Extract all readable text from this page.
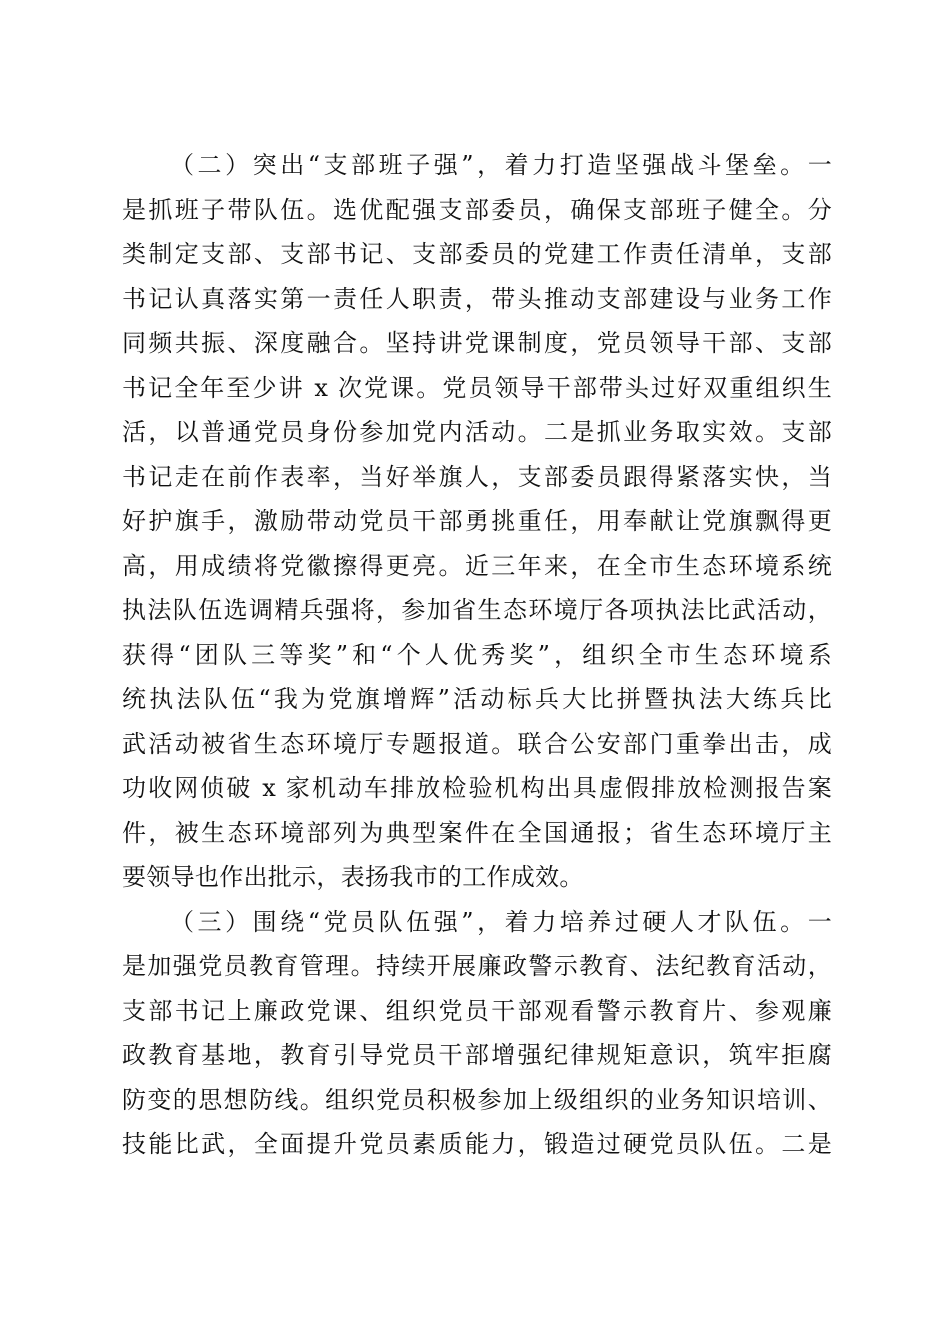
（二）突出“支部班子强”，着力打造坚强战斗堡垒。一
是抓班子带队伍。选优配强支部委员，确保支部班子健全。分
类制定支部、支部书记、支部委员的党建工作责任清单，支部
书记认真落实第一责任人职责，带头推动支部建设与业务工作
同频共振、深度融合。坚持讲党课制度，党员领导干部、支部
书记全年至少讲 x 次党课。党员领导干部带头过好双重组织生
活，以普通党员身份参加党内活动。二是抓业务取实效。支部
书记走在前作表率，当好举旗人，支部委员跟得紧落实快，当
好护旗手，激励带动党员干部勇挑重任，用奉献让党旗飘得更
高，用成绩将党徽擦得更亮。近三年来，在全市生态环境系统
执法队伍选调精兵强将，参加省生态环境厅各项执法比武活动，
获得“团队三等奖”和“个人优秀奖”，组织全市生态环境系
统执法队伍“我为党旗增辉”活动标兵大比拼暨执法大练兵比
武活动被省生态环境厅专题报道。联合公安部门重拳出击，成
功收网侦破 x 家机动车排放检验机构出具虚假排放检测报告案
件，被生态环境部列为典型案件在全国通报；省生态环境厅主
要领导也作出批示，表扬我市的工作成效。
（三）围绕“党员队伍强”，着力培养过硬人才队伍。一
是加强党员教育管理。持续开展廉政警示教育、法纪教育活动，
支部书记上廉政党课、组织党员干部观看警示教育片、参观廉
政教育基地，教育引导党员干部增强纪律规矩意识，筑牢拒腐
防变的思想防线。组织党员积极参加上级组织的业务知识培训、
技能比武，全面提升党员素质能力，锻造过硬党员队伍。二是
